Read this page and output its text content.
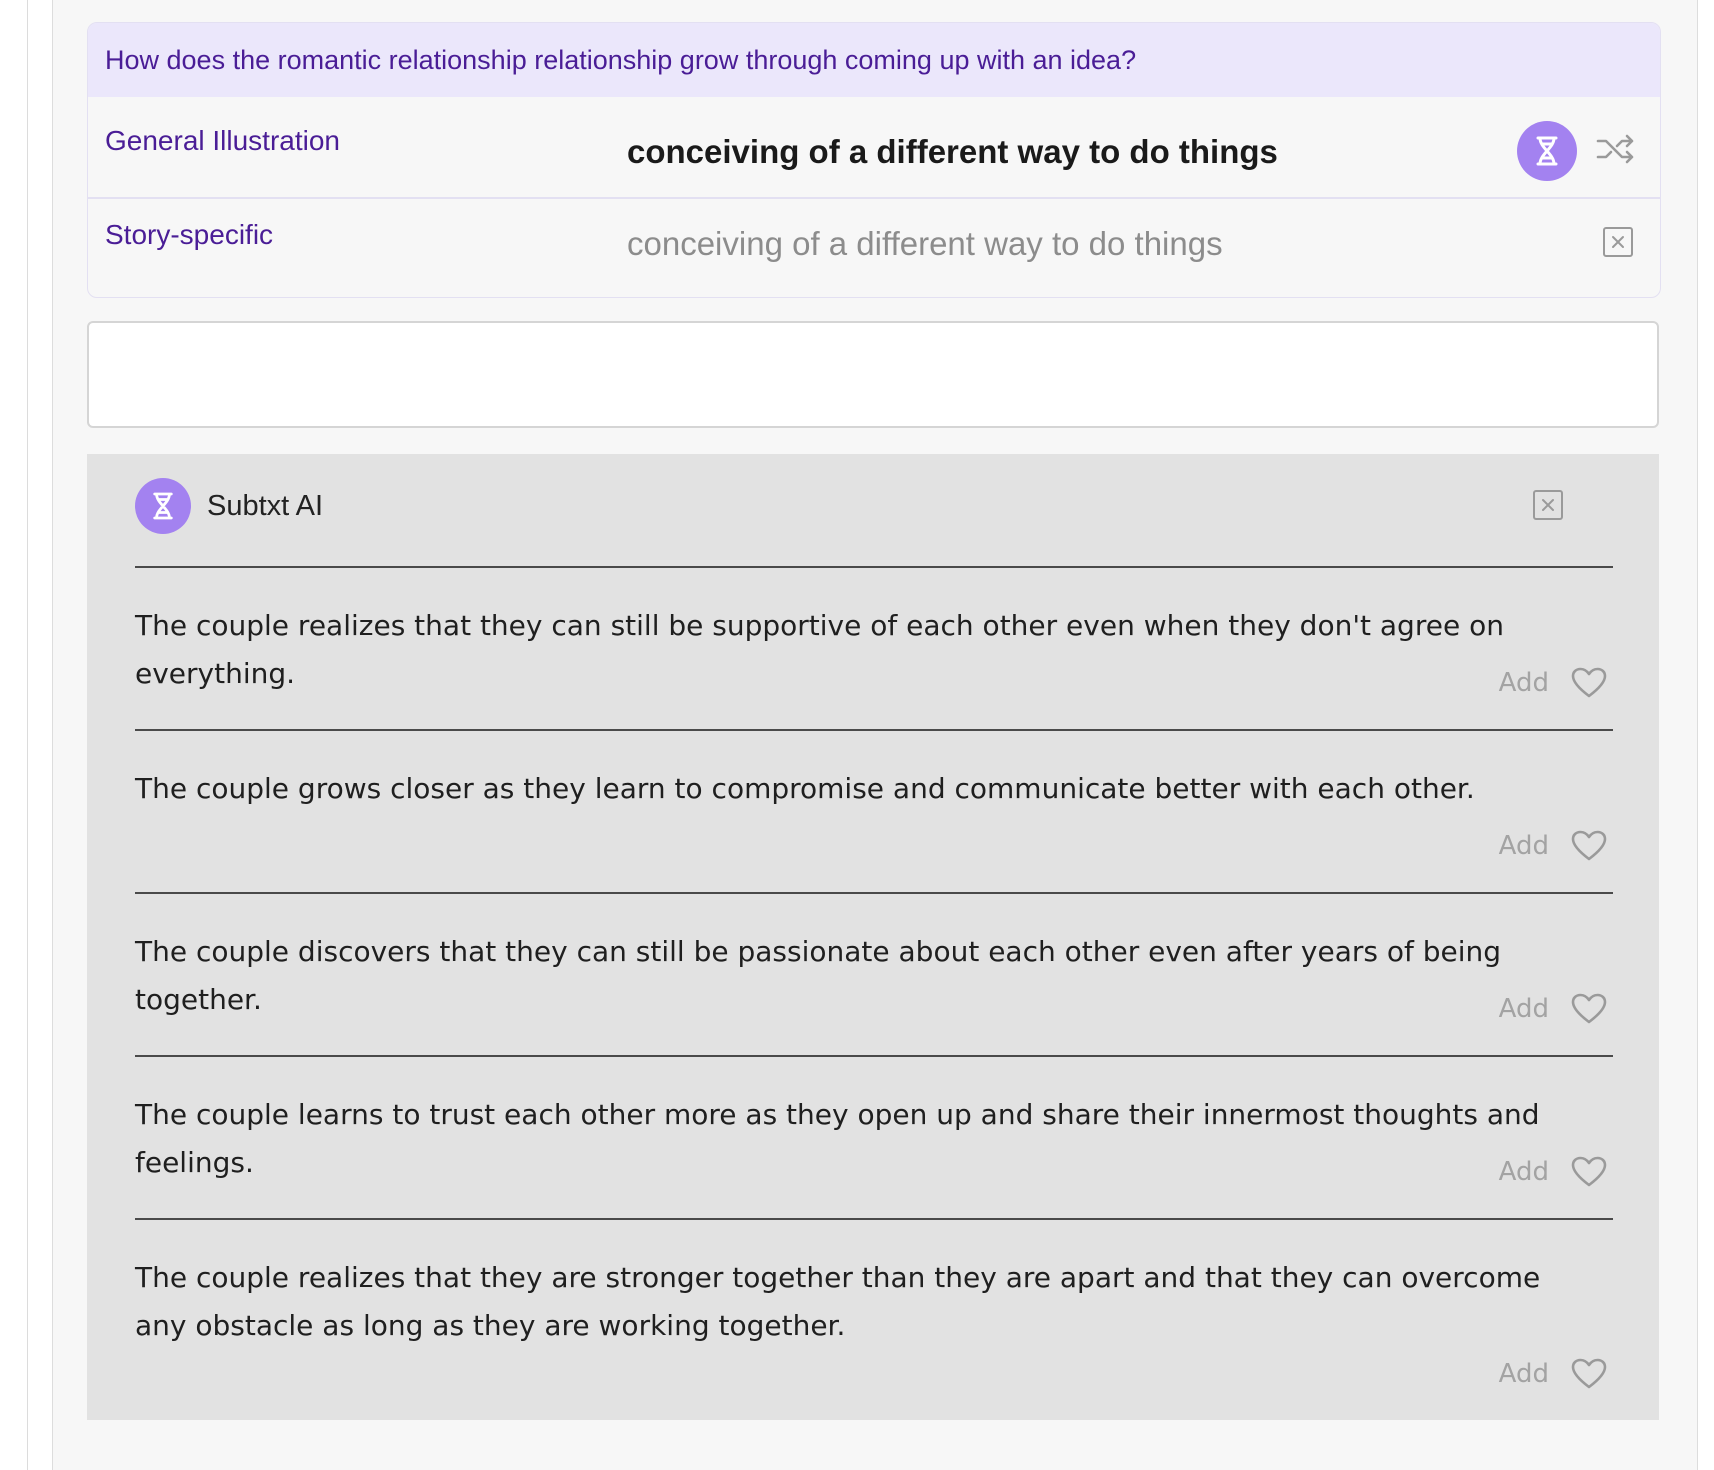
How does the romantic relationship relationship grow through coming up with an idea?
General Illustration	conceiving of a different way to do things
Story-specific	conceiving of a different way to do things
Subtxt AI
The couple realizes that they can still be supportive of each other even when they don't agree on everything.	Add
The couple grows closer as they learn to compromise and communicate better with each other.
Add
The couple discovers that they can still be passionate about each other even after years of being together.	Add
The couple learns to trust each other more as they open up and share their innermost thoughts and feelings.	Add
The couple realizes that they are stronger together than they are apart and that they can overcome any obstacle as long as they are working together.
Add
